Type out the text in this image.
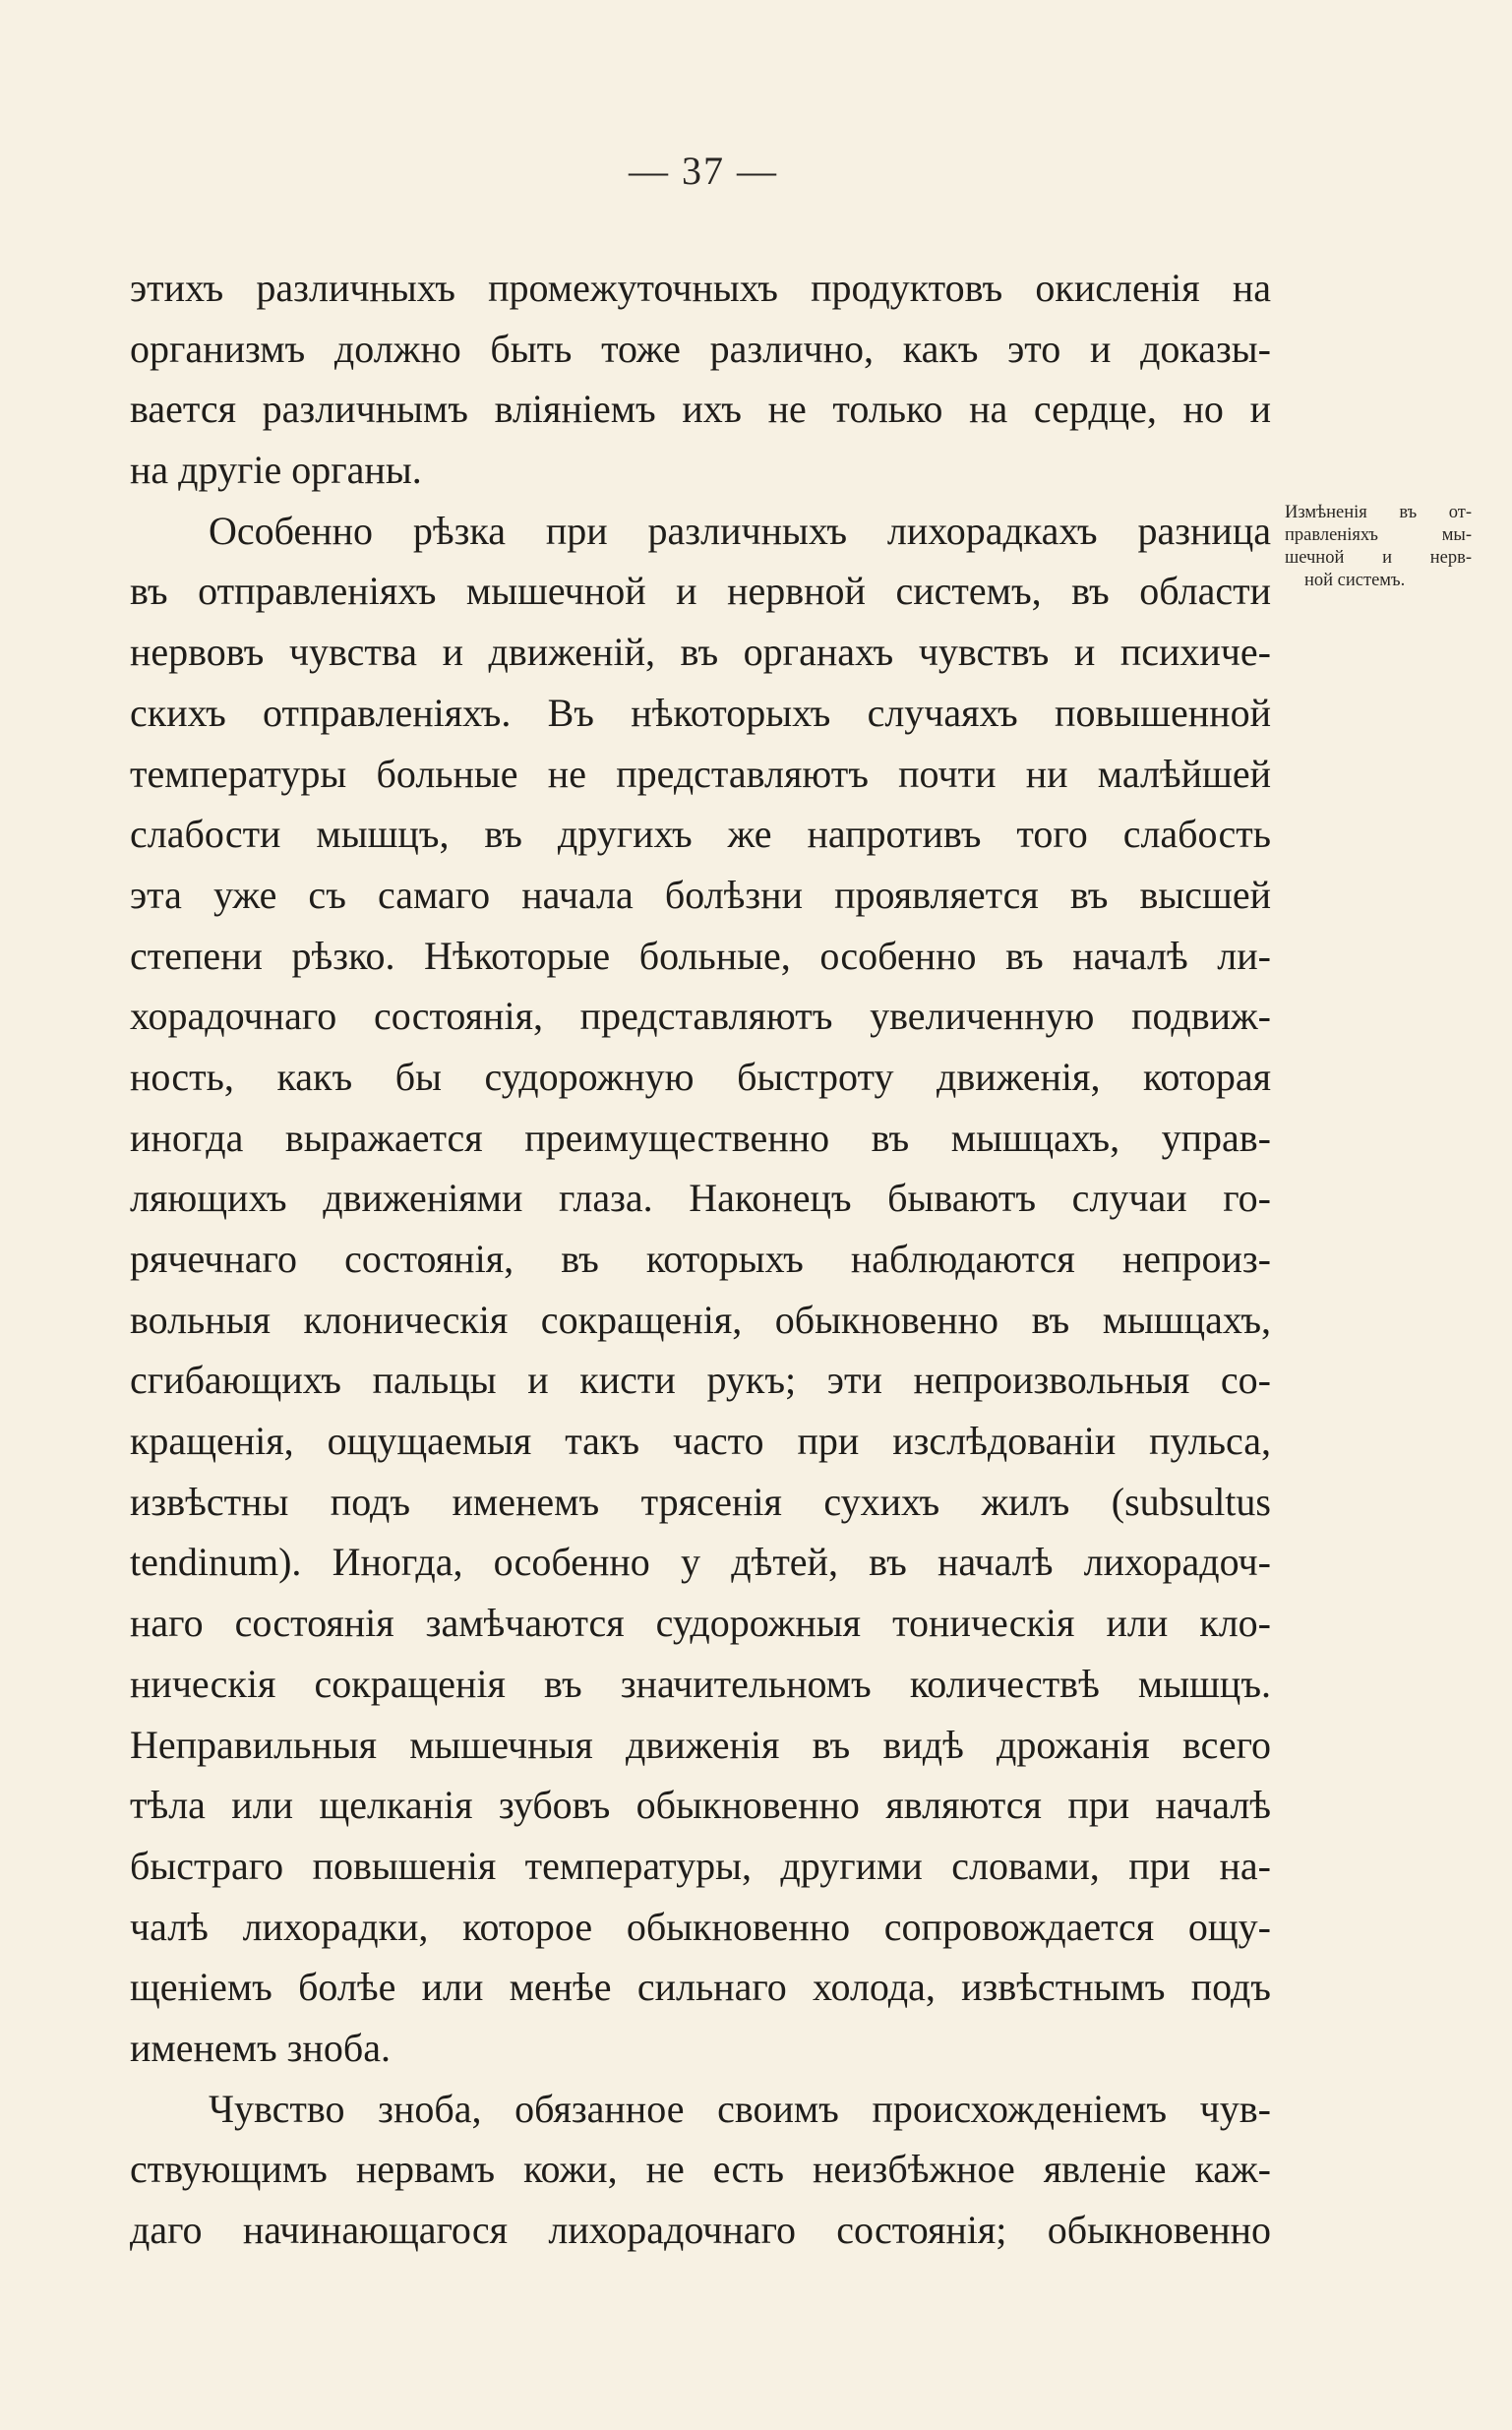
— 37 —
этихъ различныхъ промежуточныхъ продуктовъ окисленія на
организмъ должно быть тоже различно, какъ это и доказы-
вается различнымъ вліяніемъ ихъ не только на сердце, но и
на другіе органы.
Особенно рѣзка при различныхъ лихорадкахъ разница
въ отправленіяхъ мышечной и нервной системъ, въ области
нервовъ чувства и движеній, въ органахъ чувствъ и психиче-
скихъ отправленіяхъ. Въ нѣкоторыхъ случаяхъ повышенной
температуры больные не представляютъ почти ни малѣйшей
слабости мышцъ, въ другихъ же напротивъ того слабость
эта уже съ самаго начала болѣзни проявляется въ высшей
степени рѣзко. Нѣкоторые больные, особенно въ началѣ ли-
хорадочнаго состоянія, представляютъ увеличенную подвиж-
ность, какъ бы судорожную быстроту движенія, которая
иногда выражается преимущественно въ мышцахъ, управ-
ляющихъ движеніями глаза. Наконецъ бываютъ случаи го-
рячечнаго состоянія, въ которыхъ наблюдаются непроиз-
вольныя клоническія сокращенія, обыкновенно въ мышцахъ,
сгибающихъ пальцы и кисти рукъ; эти непроизвольныя со-
кращенія, ощущаемыя такъ часто при изслѣдованіи пульса,
извѣстны подъ именемъ трясенія сухихъ жилъ (subsultus
tendinum). Иногда, особенно у дѣтей, въ началѣ лихорадоч-
наго состоянія замѣчаются судорожныя тоническія или кло-
ническія сокращенія въ значительномъ количествѣ мышцъ.
Неправильныя мышечныя движенія въ видѣ дрожанія всего
тѣла или щелканія зубовъ обыкновенно являются при началѣ
быстраго повышенія температуры, другими словами, при на-
чалѣ лихорадки, которое обыкновенно сопровождается ощу-
щеніемъ болѣе или менѣе сильнаго холода, извѣстнымъ подъ
именемъ зноба.
Чувство зноба, обязанное своимъ происхожденіемъ чув-
ствующимъ нервамъ кожи, не есть неизбѣжное явленіе каж-
даго начинающагося лихорадочнаго состоянія; обыкновенно
Измѣненія въ от-
правленіяхъ мы-
шечной и нерв-
ной системъ.
